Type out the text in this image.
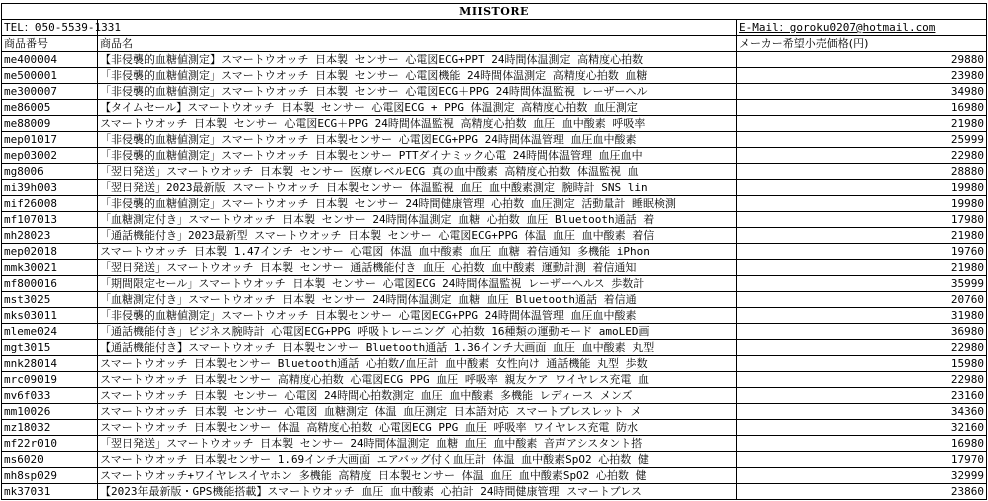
MIISTORE		
TEL：050-5539-1331		E-Mail：goroku0207@hotmail.com
商品番号	商品名	メーカー希望小売価格(円)
me400004	【非侵襲的血糖値測定】スマートウオッチ 日本製 センサー 心電図ECG+PPT 24時間体温測定 高精度心拍数	29880
me500001	「非侵襲的血糖値測定」スマートウオッチ 日本製 センサー 心電図機能 24時間体温測定 高精度心拍数 血糖	23980
me300007	「非侵襲的血糖値測定」スマートウオッチ 日本製 センサー 心電図ECG＋PPG 24時間体温監視 レーザーへル	34980
me86005	【タイムセール】スマートウオッチ 日本製 センサー 心電図ECG + PPG 体温測定 高精度心拍数 血圧測定	16980
me88009	スマートウオッチ 日本製 センサー 心電図ECG＋PPG 24時間体温監視 高精度心拍数 血圧 血中酸素 呼吸率	21980
mep01017	「非侵襲的血糖値測定」スマートウオッチ 日本製センサー 心電図ECG+PPG 24時間体温管理 血圧血中酸素	25999
mep03002	「非侵襲的血糖値測定」スマートウオッチ 日本製センサー PTTダイナミック心電 24時間体温管理 血圧血中	22980
mg8006	「翌日発送」スマートウオッチ 日本製 センサー 医療レベルECG 真の血中酸素 高精度心拍数 体温監視 血	28880
mi39h003	「翌日発送」2023最新版 スマートウオッチ 日本製センサー 体温監視 血圧 血中酸素測定 腕時計 SNS lin	19980
mif26008	「非侵襲的血糖値測定」スマートウオッチ 日本製 センサー 24時間健康管理 心拍数 血圧測定 活動量計 睡眠検測	19980
mf107013	「血糖測定付き」スマートウオッチ 日本製 センサー 24時間体温測定 血糖 心拍数 血圧 Bluetooth通話 着	17980
mh28023	「通話機能付き」2023最新型 スマートウオッチ 日本製 センサー 心電図ECG+PPG 体温 血圧 血中酸素 着信	21980
mep02018	スマートウオッチ 日本製 1.47インチ センサー 心電図 体温 血中酸素 血圧 血糖 着信通知 多機能 iPhon	19760
mmk30021	「翌日発送」スマートウオッチ 日本製 センサー 通話機能付き 血圧 心拍数 血中酸素 運動計測 着信通知	21980
mf800016	「期間限定セール」スマートウオッチ 日本製 センサー 心電図ECG 24時間体温監視 レーザーへルス 歩数計	35999
mst3025	「血糖測定付き」スマートウオッチ 日本製 センサー 24時間体温測定 血糖 血圧 Bluetooth通話 着信通	20760
mks03011	「非侵襲的血糖値測定」スマートウオッチ 日本製センサー 心電図ECG+PPG 24時間体温管理 血圧血中酸素	31980
mleme024	「通話機能付き」ビジネス腕時計 心電図ECG+PPG 呼吸トレーニング 心拍数 16種類の運動モード amoLED画	36980
mgt3015	【通話機能付き】スマートウオッチ 日本製センサー Bluetooth通話 1.36インチ大画面 血圧 血中酸素 丸型	22980
mnk28014	スマートウオッチ 日本製センサー Bluetooth通話 心拍数/血圧計 血中酸素 女性向け 通話機能 丸型 歩数	15980
mrc09019	スマートウオッチ 日本製センサー 高精度心拍数 心電図ECG PPG 血圧 呼吸率 親友ケア ワイヤレス充電 血	22980
mv6f033	スマートウオッチ 日本製 センサー 心電図 24時間心拍数測定 血圧 血中酸素 多機能 レディース メンズ	23160
mm10026	スマートウオッチ 日本製 センサー 心電図 血糖測定 体温 血圧測定 日本語対応 スマートブレスレット メ	34360
mz18032	スマートウオッチ 日本製センサー 体温 高精度心拍数 心電図ECG PPG 血圧 呼吸率 ワイヤレス充電 防水	32160
mf22r010	「翌日発送」スマートウオッチ 日本製 センサー 24時間体温測定 血糖 血圧 血中酸素 音声アシスタント搭	16980
ms6020	スマートウオッチ 日本製センサー 1.69インチ大画面 エアバッグ付く血圧計 体温 血中酸素SpO2 心拍数 健	17970
mh8sp029	スマートウオッチ+ワイヤレスイヤホン 多機能 高精度 日本製センサー 体温 血圧 血中酸素SpO2 心拍数 健	32999
mk37031	【2023年最新版・GPS機能搭載】スマートウオッチ 血圧 血中酸素 心拍計 24時間健康管理 スマートブレス	23860
